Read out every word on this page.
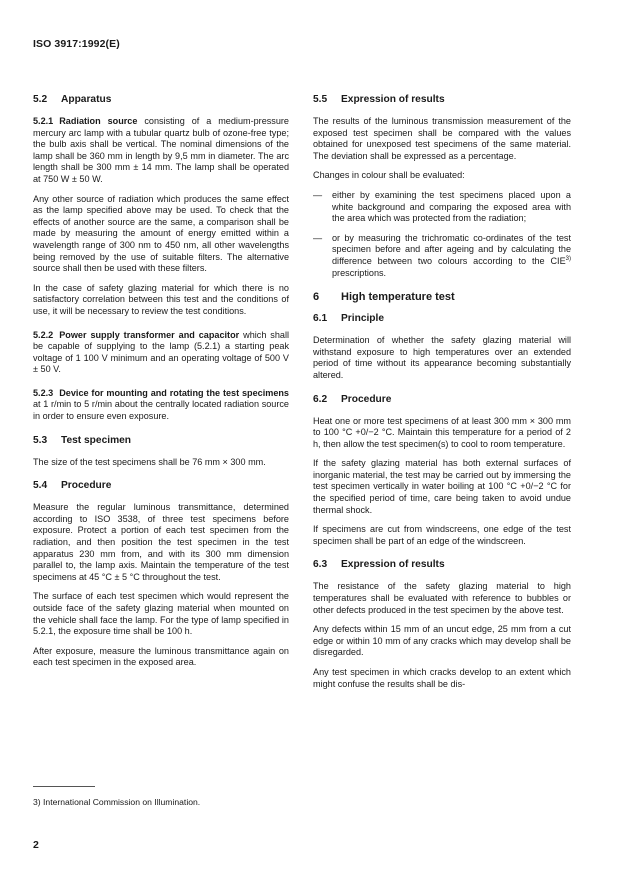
ISO 3917:1992(E)
5.2 Apparatus

5.2.1 Radiation source consisting of a medium-pressure mercury arc lamp with a tubular quartz bulb of ozone-free type; the bulb axis shall be vertical. The nominal dimensions of the lamp shall be 360 mm in length by 9,5 mm in diameter. The arc length shall be 300 mm ± 14 mm. The lamp shall be operated at 750 W ± 50 W.

Any other source of radiation which produces the same effect as the lamp specified above may be used. To check that the effects of another source are the same, a comparison shall be made by measuring the amount of energy emitted within a wavelength range of 300 nm to 450 nm, all other wavelengths being removed by the use of suitable filters. The alternative source shall then be used with these filters.

In the case of safety glazing material for which there is no satisfactory correlation between this test and the conditions of use, it will be necessary to review the test conditions.

5.2.2 Power supply transformer and capacitor which shall be capable of supplying to the lamp (5.2.1) a starting peak voltage of 1 100 V minimum and an operating voltage of 500 V ± 50 V.

5.2.3 Device for mounting and rotating the test specimens at 1 r/min to 5 r/min about the centrally located radiation source in order to ensure even exposure.

5.3 Test specimen

The size of the test specimens shall be 76 mm × 300 mm.

5.4 Procedure

Measure the regular luminous transmittance, determined according to ISO 3538, of three test specimens before exposure. Protect a portion of each test specimen from the radiation, and then position the test specimen in the test apparatus 230 mm from, and with its 300 mm dimension parallel to, the lamp axis. Maintain the temperature of the test specimens at 45 °C ± 5 °C throughout the test.

The surface of each test specimen which would represent the outside face of the safety glazing material when mounted on the vehicle shall face the lamp. For the type of lamp specified in 5.2.1, the exposure time shall be 100 h.

After exposure, measure the luminous transmittance again on each test specimen in the exposed area.

5.5 Expression of results

The results of the luminous transmission measurement of the exposed test specimen shall be compared with the values obtained for unexposed test specimens of the same material. The deviation shall be expressed as a percentage.

Changes in colour shall be evaluated:

— either by examining the test specimens placed upon a white background and comparing the exposed area with the area which was protected from the radiation;
— or by measuring the trichromatic co-ordinates of the test specimen before and after ageing and by calculating the difference between two colours according to the CIE$^{3)}$ prescriptions.
6 High temperature test
6.1 Principle

Determination of whether the safety glazing material will withstand exposure to high temperatures over an extended period of time without its appearance becoming substantially altered.

6.2 Procedure

Heat one or more test specimens of at least 300 mm × 300 mm to 100 °C +0/−2 °C. Maintain this temperature for a period of 2 h, then allow the test specimen(s) to cool to room temperature.

If the safety glazing material has both external surfaces of inorganic material, the test may be carried out by immersing the test specimen vertically in water boiling at 100 °C +0/−2 °C for the specified period of time, care being taken to avoid undue thermal shock.

If specimens are cut from windscreens, one edge of the test specimen shall be part of an edge of the windscreen.

6.3 Expression of results

The resistance of the safety glazing material to high temperatures shall be evaluated with reference to bubbles or other defects produced in the test specimen by the above test.

Any defects within 15 mm of an uncut edge, 25 mm from a cut edge or within 10 mm of any cracks which may develop shall be disregarded.

Any test specimen in which cracks develop to an extent which might confuse the results shall be dis-

3) International Commission on Illumination.
2
